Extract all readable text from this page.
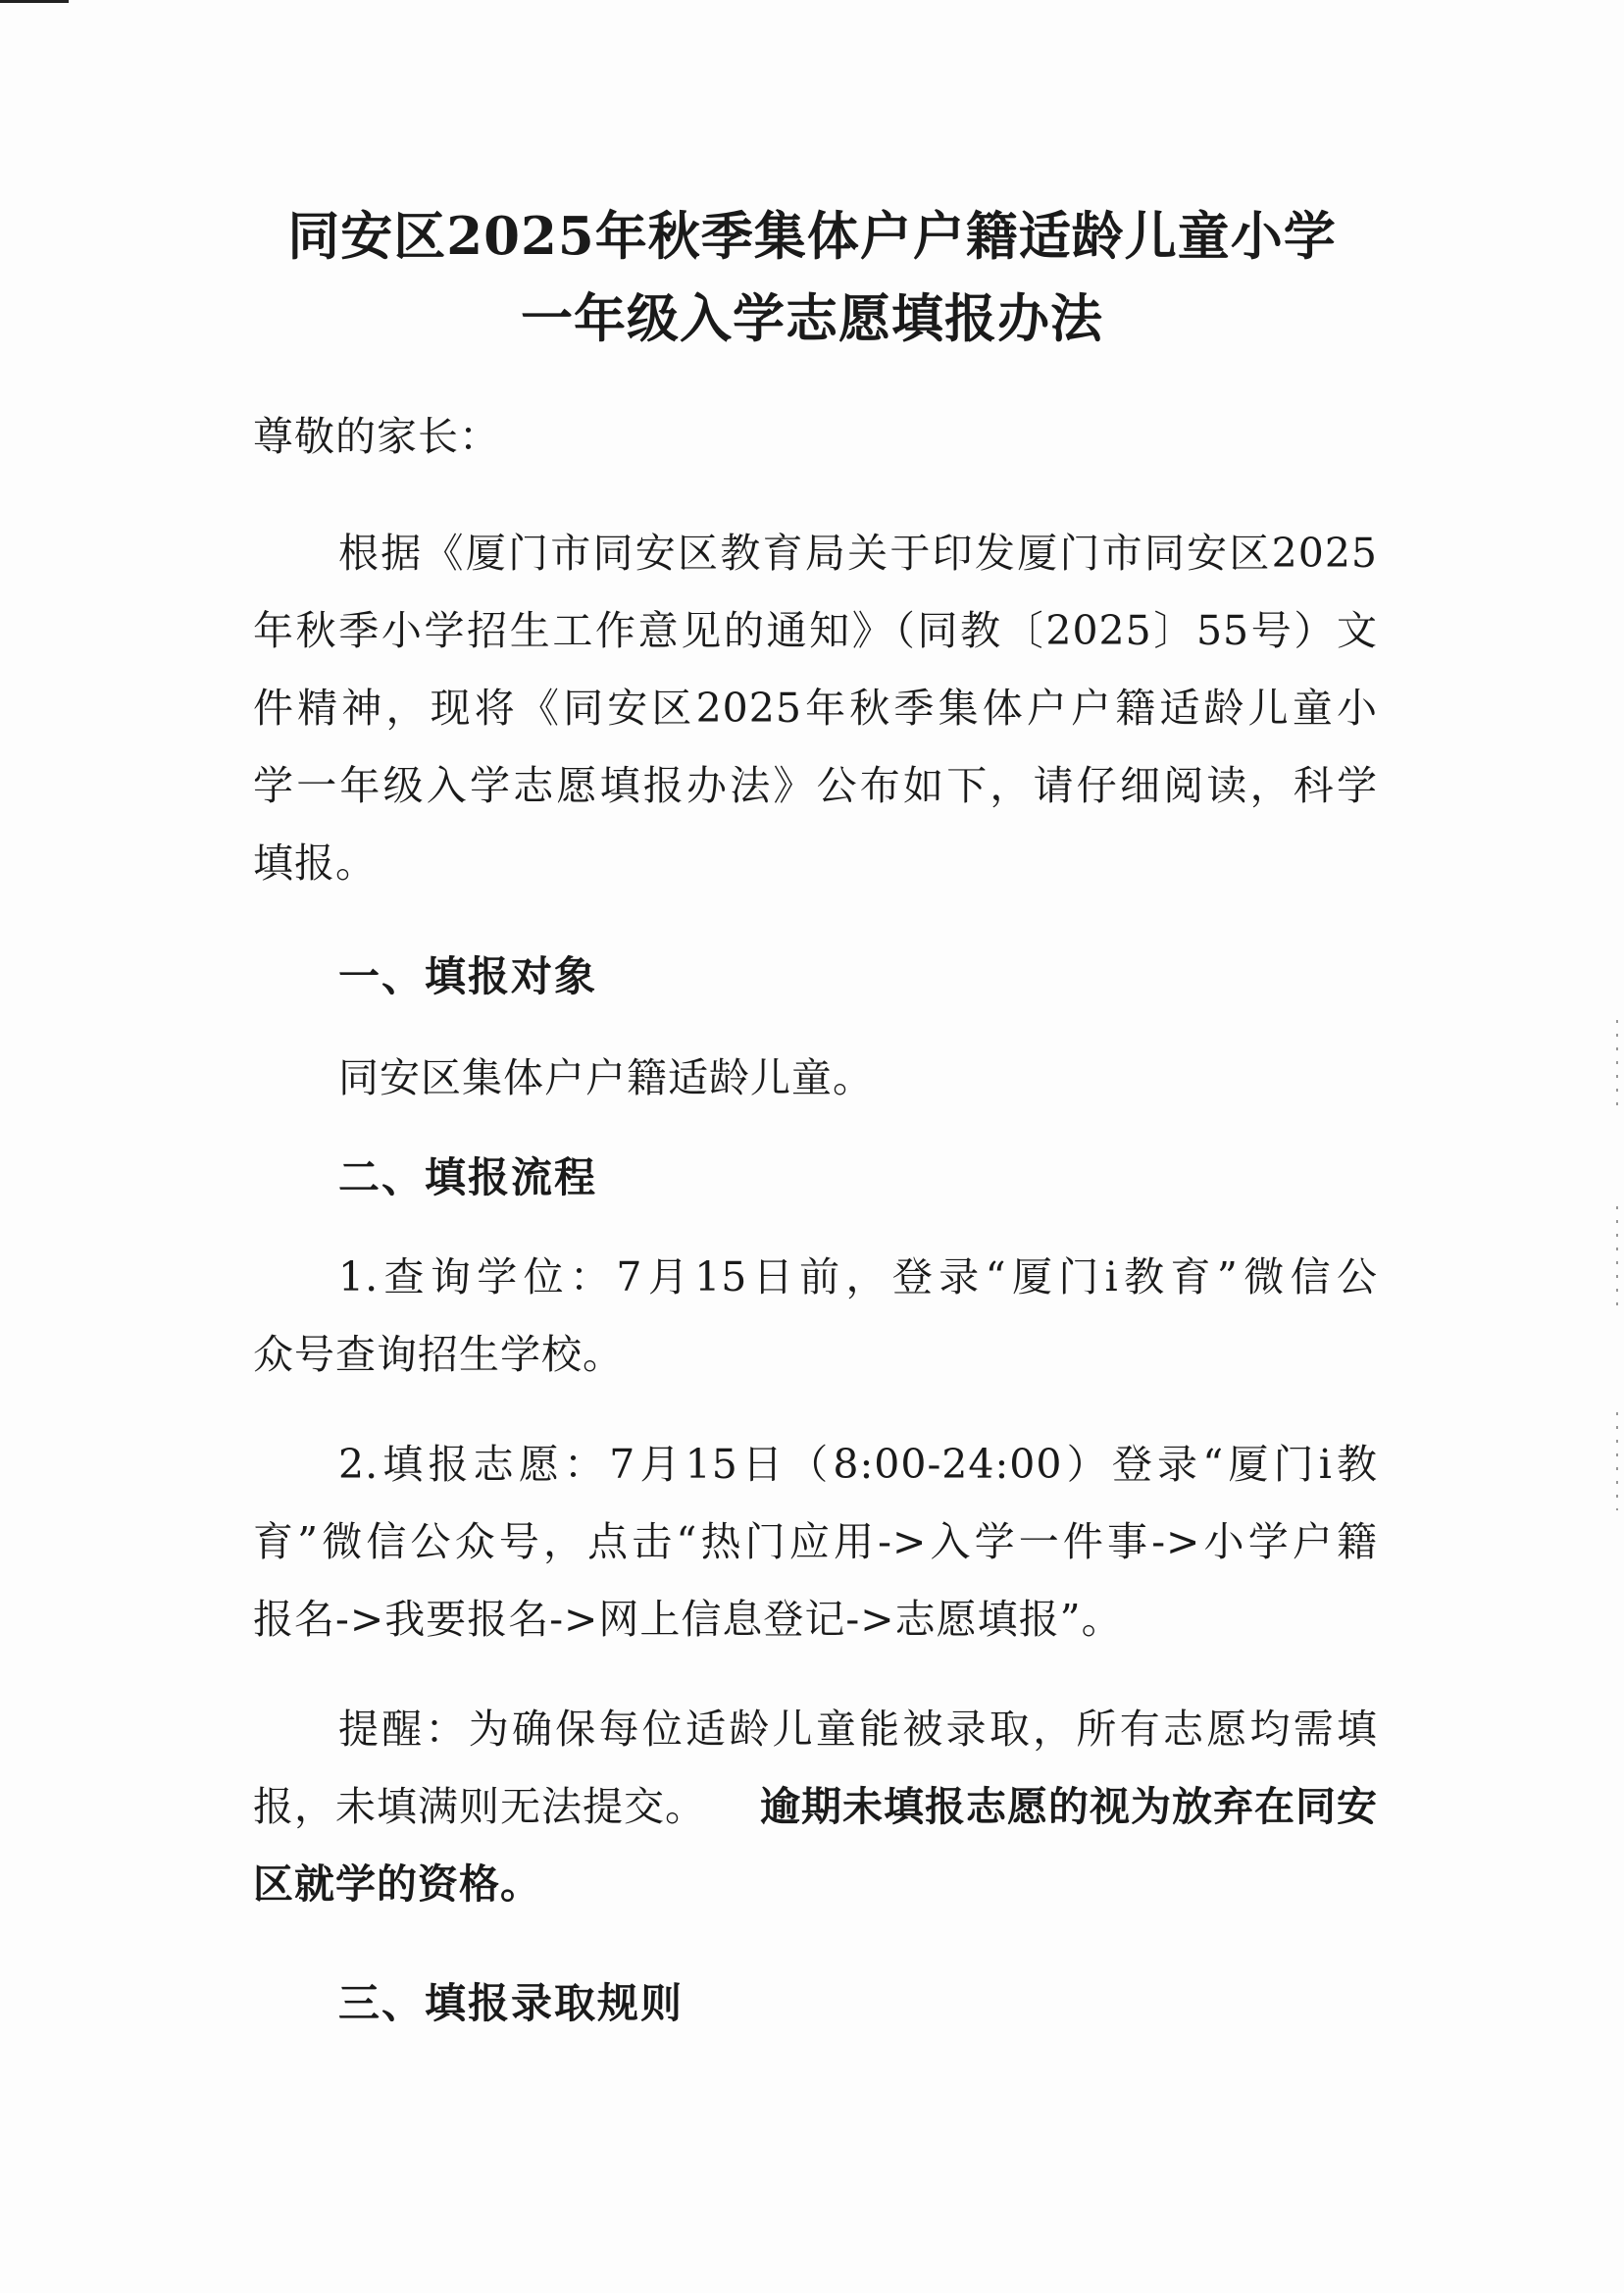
同安区2025年秋季集体户户籍适龄儿童小学
一年级入学志愿填报办法
尊敬的家长：
根据《厦门市同安区教育局关于印发厦门市同安区2025
年秋季小学招生工作意见的通知》（同教〔2025〕55号）文
件精神，现将《同安区2025年秋季集体户户籍适龄儿童小
学一年级入学志愿填报办法》公布如下，请仔细阅读，科学
填报。
一、填报对象
同安区集体户户籍适龄儿童。
二、填报流程
1.查询学位：7月15日前，登录“厦门i教育”微信公
众号查询招生学校。
2.填报志愿：7月15日（8:00-24:00）登录“厦门i教
育”微信公众号，点击“热门应用->入学一件事->小学户籍
报名->我要报名->网上信息登记->志愿填报”。
提醒：为确保每位适龄儿童能被录取，所有志愿均需填
报，未填满则无法提交。 逾期未填报志愿的视为放弃在同安
区就学的资格。
三、填报录取规则
